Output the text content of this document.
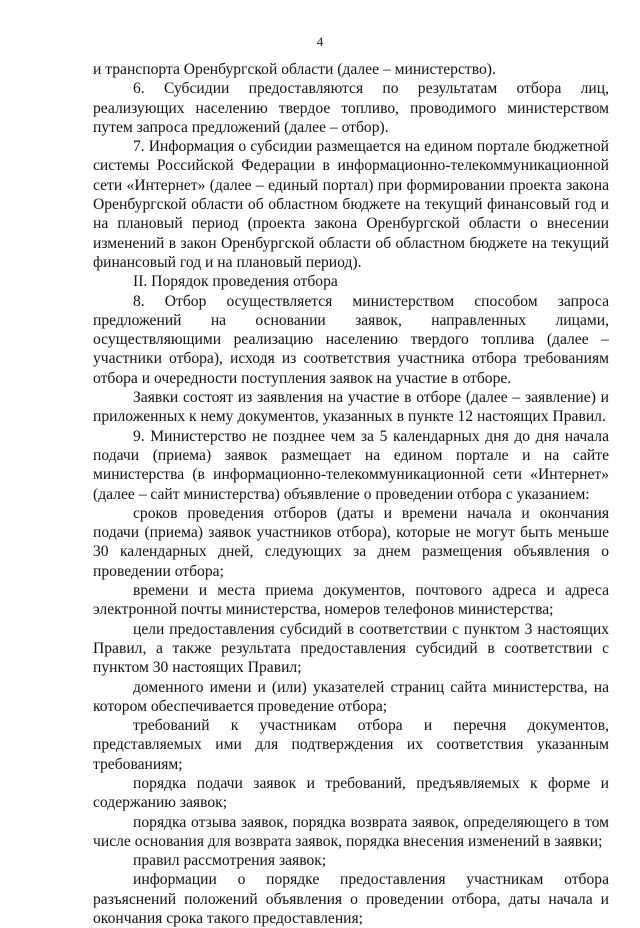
4

и транспорта Оренбургской области (далее – министерство).

6. Субсидии предоставляются по результатам отбора лиц, реализующих населению твердое топливо, проводимого министерством путем запроса предложений (далее – отбор).

7. Информация о субсидии размещается на едином портале бюджетной системы Российской Федерации в информационно-телекоммуникационной сети «Интернет» (далее – единый портал) при формировании проекта закона Оренбургской области об областном бюджете на текущий финансовый год и на плановый период (проекта закона Оренбургской области о внесении изменений в закон Оренбургской области об областном бюджете на текущий финансовый год и на плановый период).

II. Порядок проведения отбора

8. Отбор осуществляется министерством способом запроса предложений на основании заявок, направленных лицами, осуществляющими реализацию населению твердого топлива (далее – участники отбора), исходя из соответствия участника отбора требованиям отбора и очередности поступления заявок на участие в отборе.

Заявки состоят из заявления на участие в отборе (далее – заявление) и приложенных к нему документов, указанных в пункте 12 настоящих Правил.

9. Министерство не позднее чем за 5 календарных дня до дня начала подачи (приема) заявок размещает на едином портале и на сайте министерства (в информационно-телекоммуникационной сети «Интернет» (далее – сайт министерства) объявление о проведении отбора с указанием:

сроков проведения отборов (даты и времени начала и окончания подачи (приема) заявок участников отбора), которые не могут быть меньше 30 календарных дней, следующих за днем размещения объявления о проведении отбора;

времени и места приема документов, почтового адреса и адреса электронной почты министерства, номеров телефонов министерства;

цели предоставления субсидий в соответствии с пунктом 3 настоящих Правил, а также результата предоставления субсидий в соответствии с пунктом 30 настоящих Правил;

доменного имени и (или) указателей страниц сайта министерства, на котором обеспечивается проведение отбора;

требований к участникам отбора и перечня документов, представляемых ими для подтверждения их соответствия указанным требованиям;

порядка подачи заявок и требований, предъявляемых к форме и содержанию заявок;

порядка отзыва заявок, порядка возврата заявок, определяющего в том числе основания для возврата заявок, порядка внесения изменений в заявки;

правил рассмотрения заявок;

информации о порядке предоставления участникам отбора разъяснений положений объявления о проведении отбора, даты начала и окончания срока такого предоставления;
